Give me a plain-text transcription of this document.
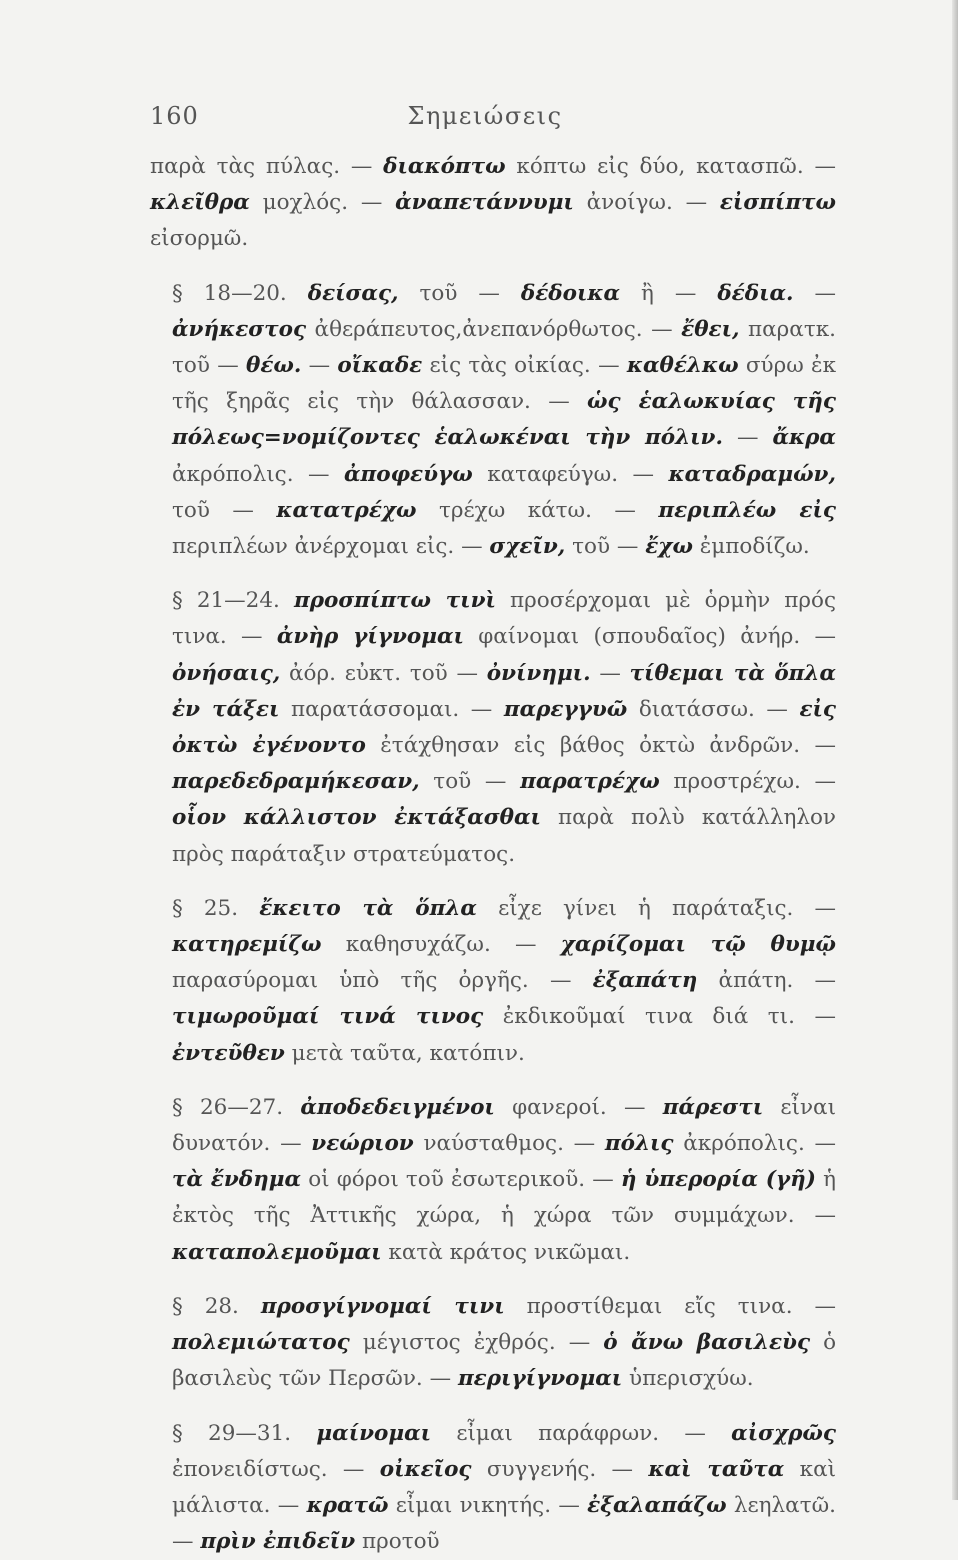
160	Σημειώσεις

παρὰ τὰς πύλας. — διακόπτω κόπτω εἰς δύο, κατασπῶ. — κλεῖθρα μοχλός. — ἀναπετάννυμι ἀνοίγω. — εἰσπίπτω εἰσορμῶ.

§ 18—20. δείσας, τοῦ — δέδοικα ἢ — δέδια. — ἀνήκεστος ἀθεράπευτος,ἀνεπανόρθωτος. — ἔθει, παρατκ. τοῦ — θέω. — οἴκαδε εἰς τὰς οἰκίας. — καθέλκω σύρω ἐκ τῆς ξηρᾶς εἰς τὴν θάλασσαν. — ὡς ἑαλωκυίας τῆς πόλεως=νομίζοντες ἑαλωκέναι τὴν πόλιν. — ἄκρα ἀκρόπολις. — ἀποφεύγω καταφεύγω. — καταδραμών, τοῦ — κατατρέχω τρέχω κάτω. — περιπλέω εἰς περιπλέων ἀνέρχομαι εἰς. — σχεῖν, τοῦ — ἔχω ἐμποδίζω.

§ 21—24. προσπίπτω τινὶ προσέρχομαι μὲ ὁρμὴν πρός τινα. — ἀνὴρ γίγνομαι φαίνομαι (σπουδαῖος) ἀνήρ. — ὀνήσαις, ἀόρ. εὐκτ. τοῦ — ὀνίνημι. — τίθεμαι τὰ ὅπλα ἐν τάξει παρατάσσομαι. — παρεγγυῶ διατάσσω. — εἰς ὀκτὼ ἐγένοντο ἐτάχθησαν εἰς βάθος ὀκτὼ ἀνδρῶν. — παρεδεδραμήκεσαν, τοῦ — παρατρέχω προστρέχω. — οἷον κάλλιστον ἐκτάξασθαι παρὰ πολὺ κατάλληλον πρὸς παράταξιν στρατεύματος.

§ 25. ἔκειτο τὰ ὅπλα εἶχε γίνει ἡ παράταξις. — κατηρεμίζω καθησυχάζω. — χαρίζομαι τῷ θυμῷ παρασύρομαι ὑπὸ τῆς ὀργῆς. — ἐξαπάτη ἀπάτη. — τιμωροῦμαί τινά τινος ἐκδικοῦμαί τινα διά τι. — ἐντεῦθεν μετὰ ταῦτα, κατόπιν.

§ 26—27. ἀποδεδειγμένοι φανεροί. — πάρεστι εἶναι δυνατόν. — νεώριον ναύσταθμος. — πόλις ἀκρόπολις. — τὰ ἔνδημα οἱ φόροι τοῦ ἐσωτερικοῦ. — ἡ ὑπερορία (γῆ) ἡ ἐκτὸς τῆς Ἀττικῆς χώρα, ἡ χώρα τῶν συμμάχων. — καταπολεμοῦμαι κατὰ κράτος νικῶμαι.

§ 28. προσγίγνομαί τινι προστίθεμαι εἴς τινα. — πολεμιώτατος μέγιστος ἐχθρός. — ὁ ἄνω βασιλεὺς ὁ βασιλεὺς τῶν Περσῶν. — περιγίγνομαι ὑπερισχύω.

§ 29—31. μαίνομαι εἶμαι παράφρων. — αἰσχρῶς ἐπονειδίστως. — οἰκεῖος συγγενής. — καὶ ταῦτα καὶ μάλιστα. — κρατῶ εἶμαι νικητής. — ἐξαλαπάζω λεηλατῶ. — πρὶν ἐπιδεῖν προτοῦ
